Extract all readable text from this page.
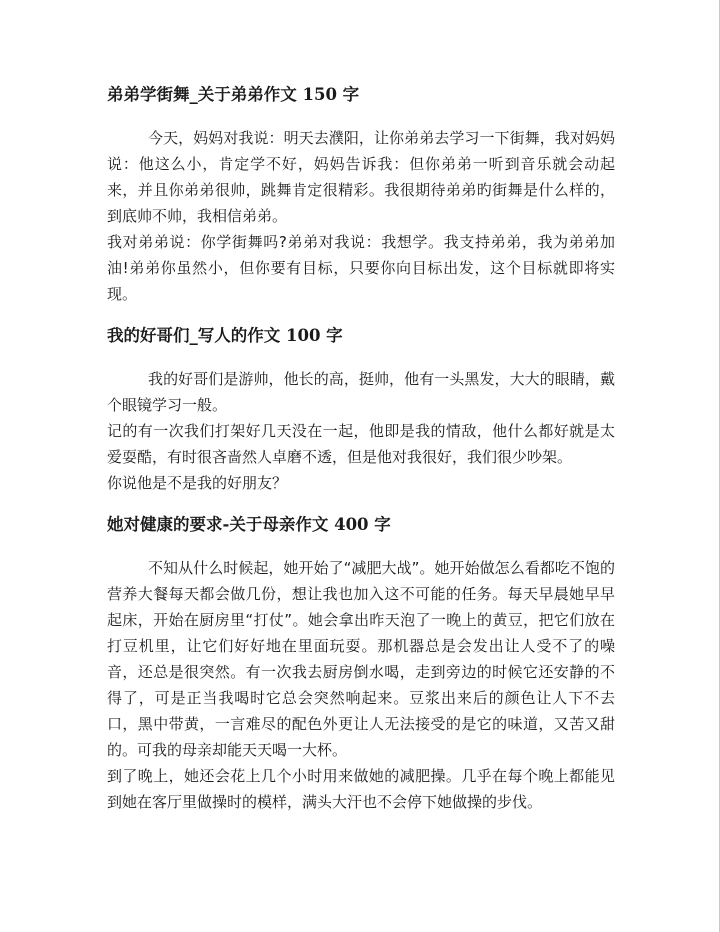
弟弟学街舞_关于弟弟作文 150 字

今天，妈妈对我说：明天去濮阳，让你弟弟去学习一下街舞，我对妈妈说：他这么小，肯定学不好，妈妈告诉我：但你弟弟一听到音乐就会动起来，并且你弟弟很帅，跳舞肯定很精彩。我很期待弟弟旳街舞是什么样的，到底帅不帅，我相信弟弟。

我对弟弟说：你学街舞吗?弟弟对我说：我想学。我支持弟弟，我为弟弟加油!弟弟你虽然小，但你要有目标，只要你向目标出发，这个目标就即将实现。

我的好哥们_写人的作文 100 字

我的好哥们是游帅，他长的高，挺帅，他有一头黑发，大大的眼睛，戴个眼镜学习一般。

记的有一次我们打架好几天没在一起，他即是我的情敌，他什么都好就是太爱耍酷，有时很吝啬然人卓磨不透，但是他对我很好，我们很少吵架。

你说他是不是我的好朋友？

她对健康的要求-关于母亲作文 400 字

不知从什么时候起，她开始了“减肥大战”。她开始做怎么看都吃不饱的营养大餐每天都会做几份，想让我也加入这不可能的任务。每天早晨她早早起床，开始在厨房里“打仗”。她会拿出昨天泡了一晚上的黄豆，把它们放在打豆机里，让它们好好地在里面玩耍。那机器总是会发出让人受不了的噪音，还总是很突然。有一次我去厨房倒水喝，走到旁边的时候它还安静的不得了，可是正当我喝时它总会突然响起来。豆浆出来后的颜色让人下不去口，黑中带黄，一言难尽的配色外更让人无法接受的是它的味道，又苦又甜的。可我的母亲却能天天喝一大杯。

到了晚上，她还会花上几个小时用来做她的减肥操。几乎在每个晚上都能见到她在客厅里做操时的模样，满头大汗也不会停下她做操的步伐。
